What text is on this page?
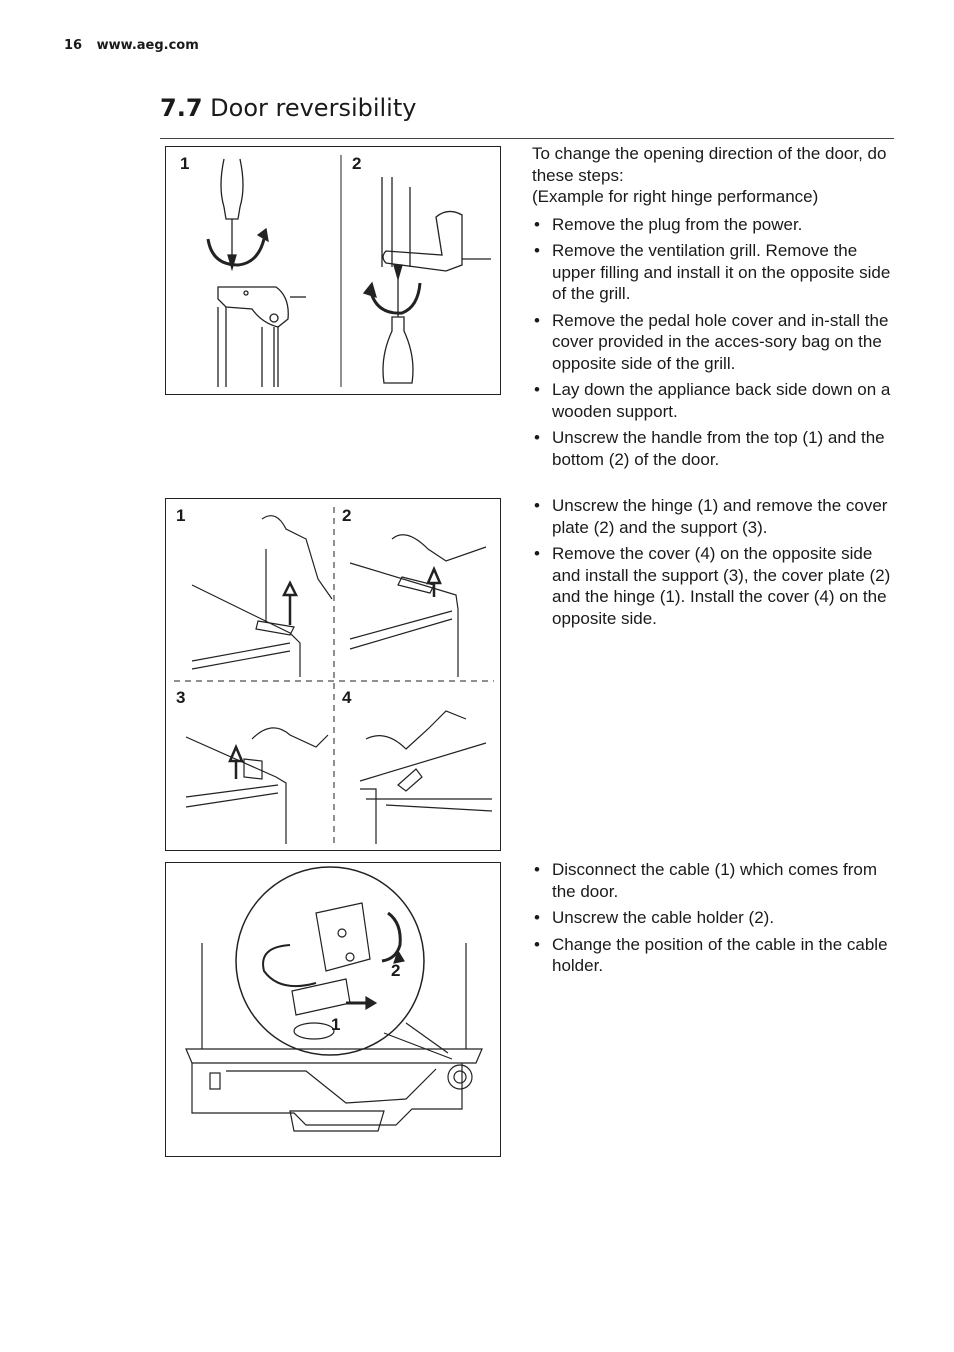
16 www.aeg.com
7.7 Door reversibility
1	2

To change the opening direction of the door, do these steps:

(Example for right hinge performance)

• Remove the plug from the power.
• Remove the ventilation grill. Remove the upper filling and install it on the opposite side of the grill.
• Remove the pedal hole cover and in-stall the cover provided in the acces-sory bag on the opposite side of the grill.
• Lay down the appliance back side down on a wooden support.
• Unscrew the handle from the top (1) and the bottom (2) of the door.
1	2
3	4
• Unscrew the hinge (1) and remove the cover plate (2) and the support (3).
• Remove the cover (4) on the opposite side and install the support (3), the cover plate (2) and the hinge (1). Install the cover (4) on the opposite side.
2
1
• Disconnect the cable (1) which comes from the door.
• Unscrew the cable holder (2).
• Change the position of the cable in the cable holder.
